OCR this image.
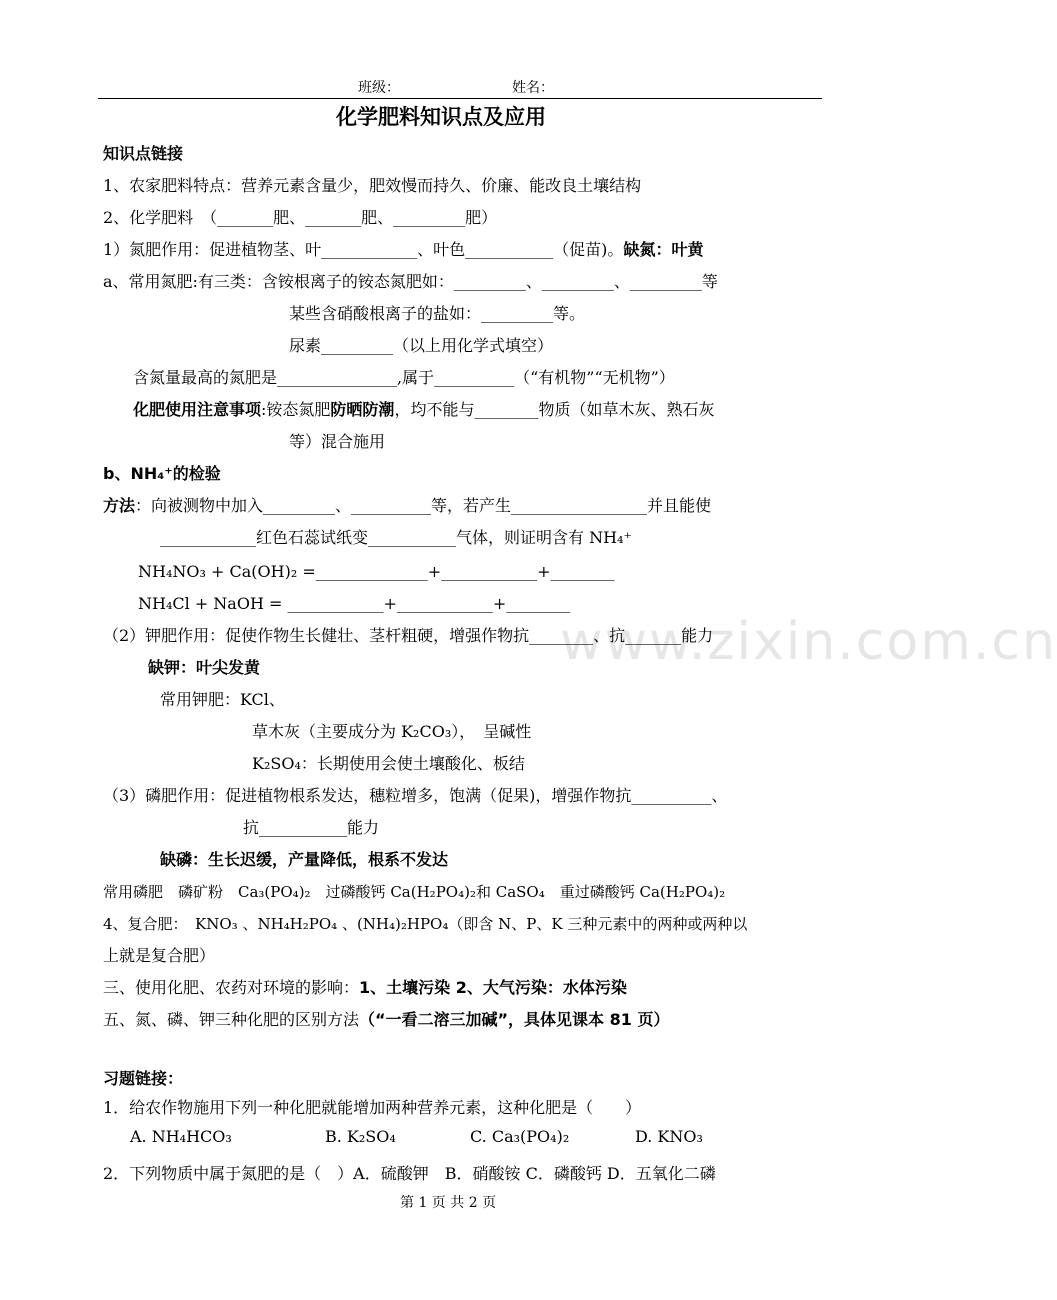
班级：	姓名：
www.zixin.com.cn
化学肥料知识点及应用
知识点链接
1、农家肥料特点：营养元素含量少，肥效慢而持久、价廉、能改良土壤结构
2、化学肥料　（_______肥、_______肥、_________肥）
1）氮肥作用：促进植物茎、叶____________、叶色___________（促苗)。缺氮：叶黄
a、常用氮肥:有三类：含铵根离子的铵态氮肥如：_________、_________、_________等
某些含硝酸根离子的盐如：_________等。
尿素_________（以上用化学式填空）
含氮量最高的氮肥是_______________,属于__________（“有机物”“无机物”）
化肥使用注意事项:铵态氮肥防晒防潮，均不能与________物质（如草木灰、熟石灰
等）混合施用
b、NH₄⁺的检验
方法：向被测物中加入_________、__________等，若产生_________________并且能使
____________红色石蕊试纸变___________气体，则证明含有 NH₄⁺
NH₄NO₃ + Ca(OH)₂ =______________+____________+________
NH₄Cl + NaOH = ____________+____________+________
（2）钾肥作用：促使作物生长健壮、茎杆粗硬，增强作物抗________、抗_______能力
缺钾：叶尖发黄
常用钾肥：KCl、
草木灰（主要成分为 K₂CO₃），　呈碱性
K₂SO₄：长期使用会使土壤酸化、板结
（3）磷肥作用：促进植物根系发达，穗粒增多，饱满（促果)，增强作物抗__________、
抗___________能力
缺磷：生长迟缓，产量降低，根系不发达
常用磷肥　磷矿粉　Ca₃(PO₄)₂　过磷酸钙 Ca(H₂PO₄)₂和 CaSO₄　重过磷酸钙 Ca(H₂PO₄)₂
4、复合肥：　KNO₃ 、NH₄H₂PO₄ 、(NH₄)₂HPO₄（即含 N、P、K 三种元素中的两种或两种以
上就是复合肥）
三、使用化肥、农药对环境的影响：1、土壤污染 2、大气污染：水体污染
五、氮、磷、钾三种化肥的区别方法（“一看二溶三加碱”，具体见课本 81 页）
习题链接：
1．给农作物施用下列一种化肥就能增加两种营养元素，这种化肥是（　　）
A. NH₄HCO₃	B. K₂SO₄	C. Ca₃(PO₄)₂	D. KNO₃
2．下列物质中属于氮肥的是（　）A．硫酸钾　B．硝酸铵 C．磷酸钙 D．五氧化二磷
第 1 页 共 2 页
